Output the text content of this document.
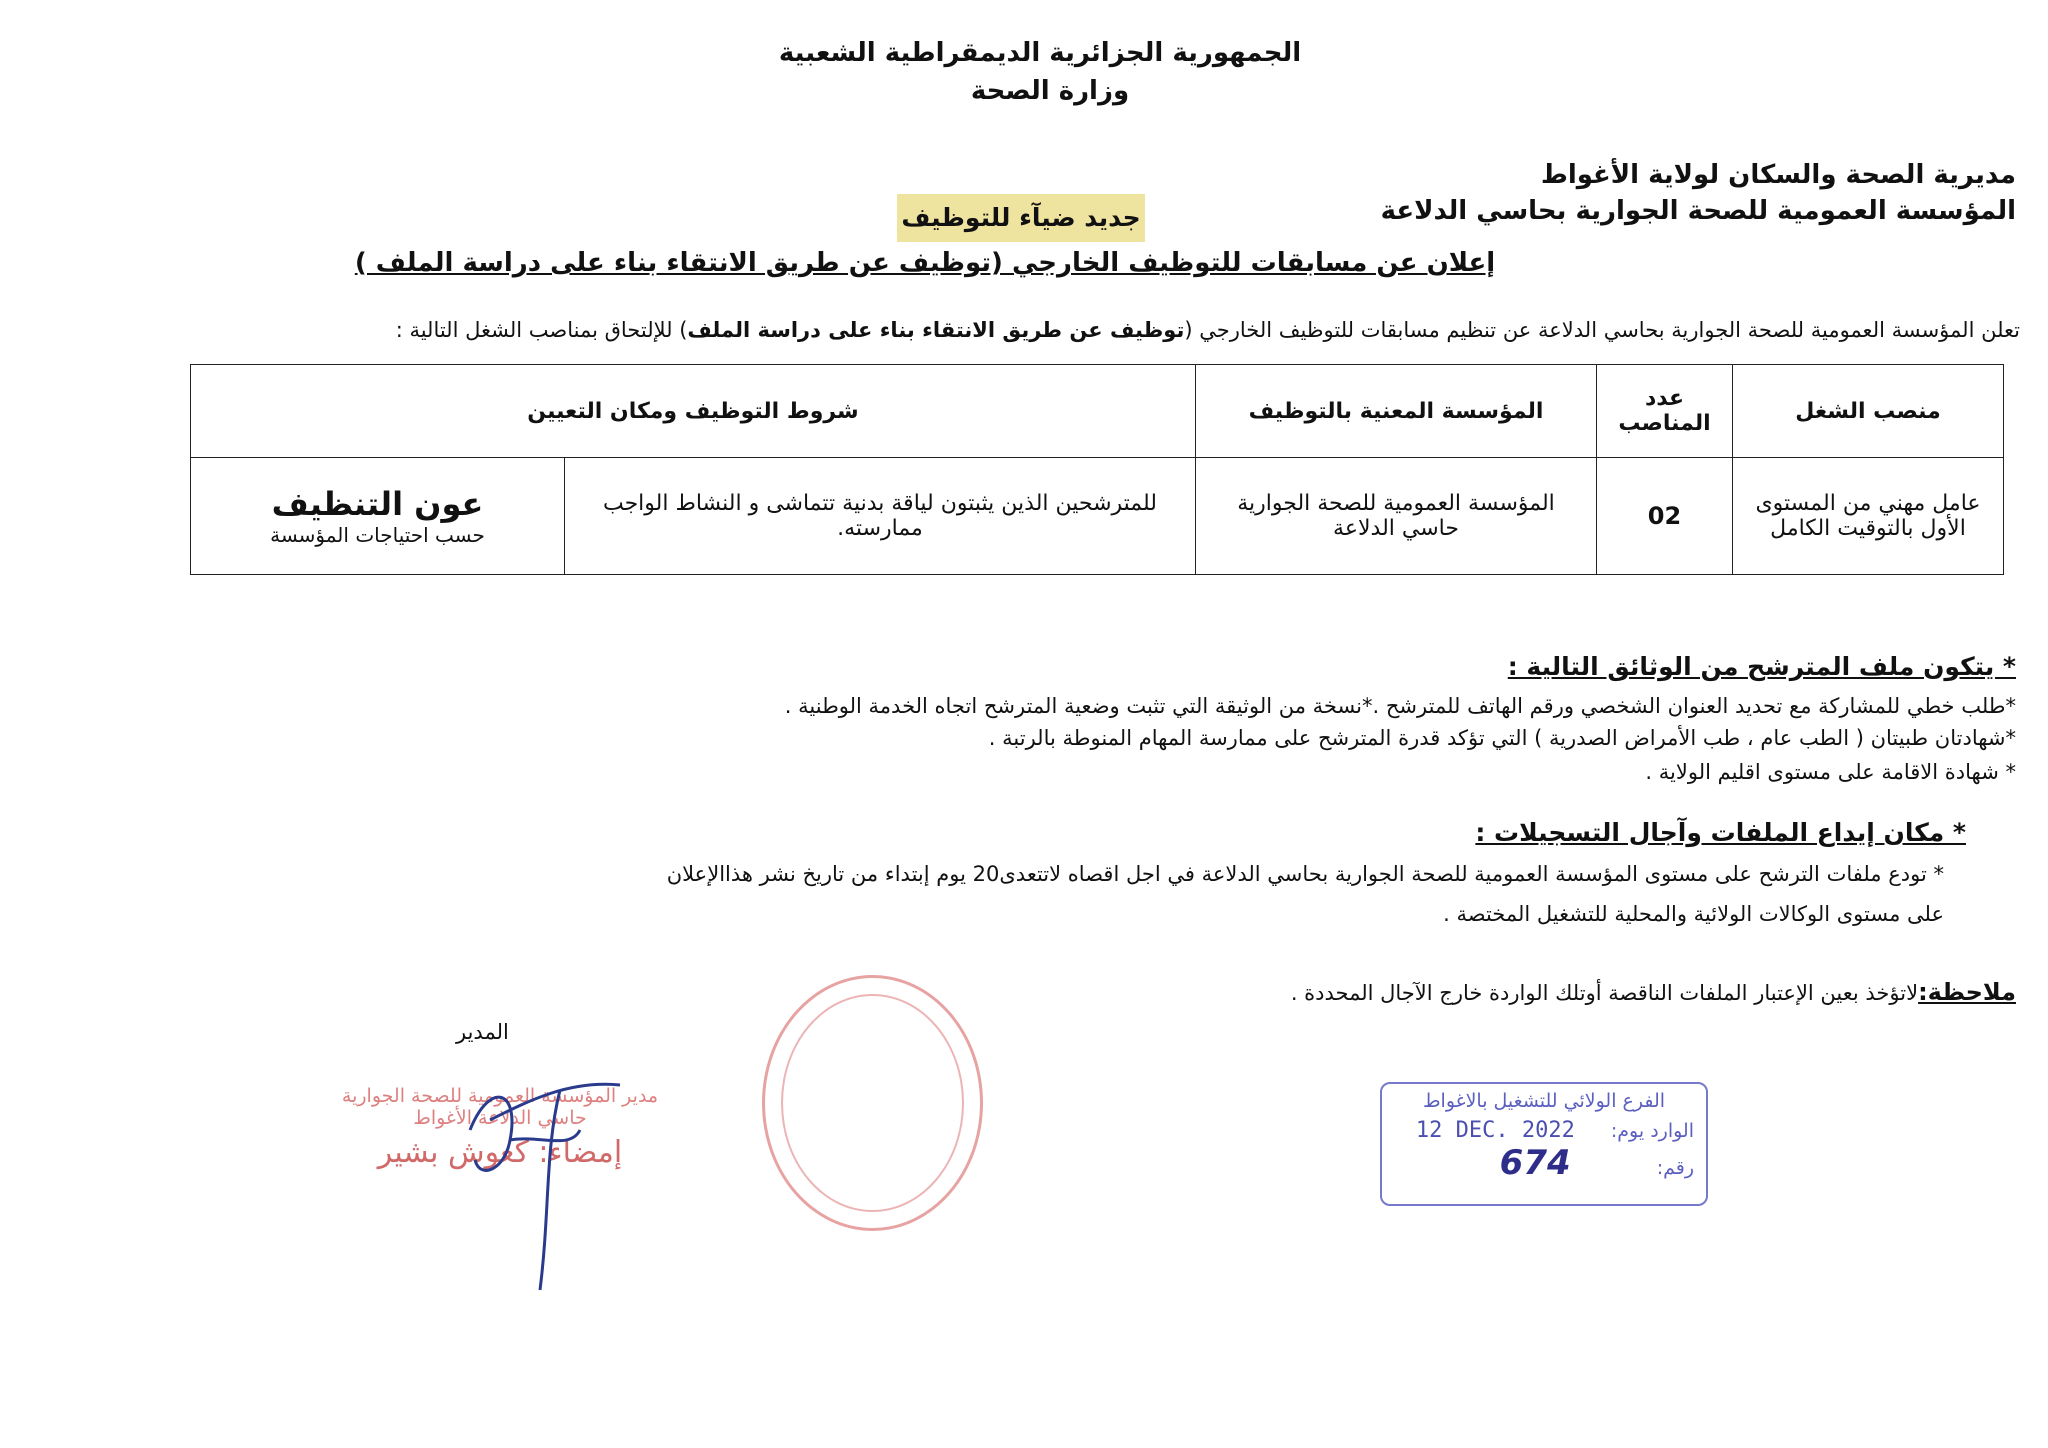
الجمهورية الجزائرية الديمقراطية الشعبية
وزارة الصحة
مديرية الصحة والسكان لولاية الأغواط
المؤسسة العمومية للصحة الجوارية بحاسي الدلاعة
جديد ضيآء للتوظيف
إعلان عن مسابقات للتوظيف الخارجي (توظيف عن طريق الانتقاء بناء على دراسة الملف )
تعلن المؤسسة العمومية للصحة الجوارية بحاسي الدلاعة عن تنظيم مسابقات للتوظيف الخارجي (توظيف عن طريق الانتقاء بناء على دراسة الملف) للإلتحاق بمناصب الشغل التالية :
منصب الشغل	عدد المناصب	المؤسسة المعنية بالتوظيف	شروط التوظيف ومكان التعيين	
عامل مهني من المستوى الأول بالتوقيت الكامل	02	المؤسسة العمومية للصحة الجوارية حاسي الدلاعة	للمترشحين الذين يثبتون لياقة بدنية تتماشى و النشاط الواجب ممارسته.	عون التنظيف
حسب احتياجات المؤسسة
* يتكون ملف المترشح من الوثائق التالية :
*طلب خطي للمشاركة مع تحديد العنوان الشخصي ورقم الهاتف للمترشح .*نسخة من الوثيقة التي تثبت وضعية المترشح اتجاه الخدمة الوطنية .
*شهادتان طبيتان ( الطب عام ، طب الأمراض الصدرية ) التي تؤكد قدرة المترشح على ممارسة المهام المنوطة بالرتبة .
* شهادة الاقامة على مستوى اقليم الولاية .
* مكان إيداع الملفات وآجال التسجيلات :
* تودع ملفات الترشح على مستوى المؤسسة العمومية للصحة الجوارية بحاسي الدلاعة في اجل اقصاه لاتتعدى20 يوم إبتداء من تاريخ نشر هذاالإعلان
على مستوى الوكالات الولائية والمحلية للتشغيل المختصة .
ملاحظة:لاتؤخذ بعين الإعتبار الملفات الناقصة أوتلك الواردة خارج الآجال المحددة .
المدير
مدير المؤسسة العمومية للصحة الجوارية
حاسي الدلاعة الأغواط
إمضاء: كعوش بشير
الفرع الولائي للتشغيل بالاغواط
الوارد يوم: 12 DEC. 2022
رقم: 674
